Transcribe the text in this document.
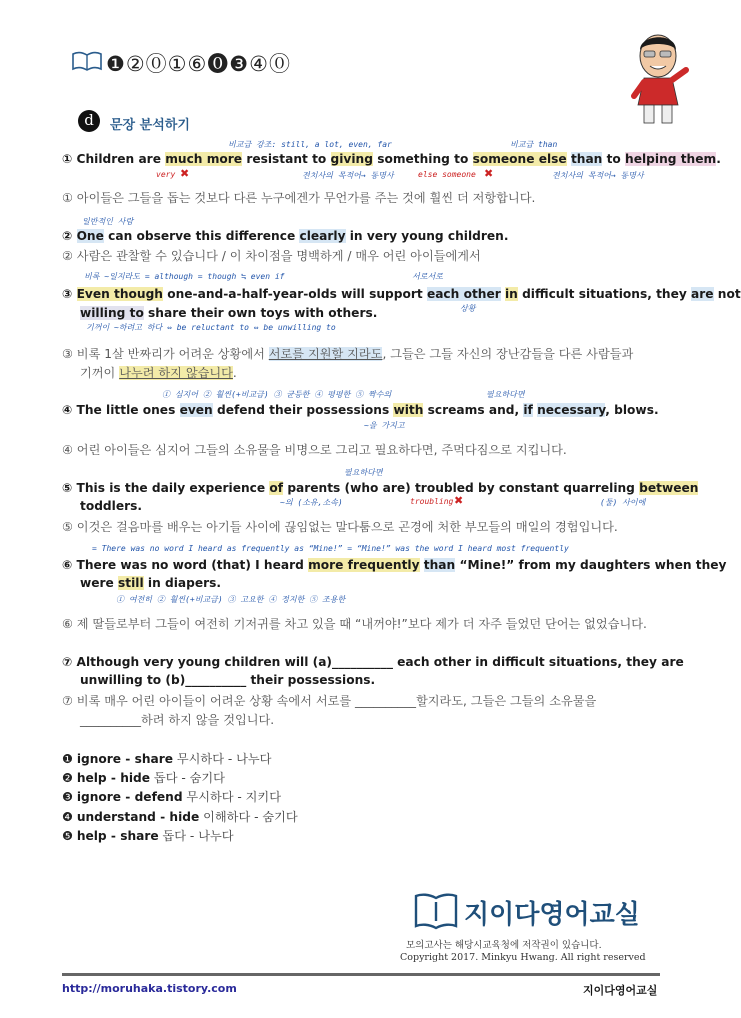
❶②⓪①⑥⓿❸④⓪
d	문장 분석하기
비교급 강조: still, a lot, even, far	비교급 than
① Children are much more resistant to giving something to someone else than to helping them.
very ✖	전치사의 목적어→ 동명사	else someone ✖	전치사의 목적어→ 동명사
① 아이들은 그들을 돕는 것보다 다른 누구에겐가 무언가를 주는 것에 훨씬 더 저항합니다.
일반적인 사람
② One can observe this difference clearly in very young children.
② 사람은 관찰할 수 있습니다 / 이 차이점을 명백하게 / 매우 어린 아이들에게서
비록 ~일지라도 = although = though ≒ even if	서로서로
③ Even though one-and-a-half-year-olds will support each other in difficult situations, they are not
상황
willing to share their own toys with others.
기꺼이 ~하려고 하다 ⇔ be reluctant to ⇔ be unwilling to
③ 비록 1살 반짜리가 어려운 상황에서 서로를 지원할 지라도, 그들은 그들 자신의 장난감들을 다른 사람들과
기꺼이 나누려 하지 않습니다.
① 심지어 ② 훨씬(+비교급) ③ 균등한 ④ 평평한 ⑤ 짝수의	필요하다면
④ The little ones even defend their possessions with screams and, if necessary, blows.
~을 가지고
④ 어린 아이들은 심지어 그들의 소유물을 비명으로 그리고 필요하다면, 주먹다짐으로 지킵니다.
필요하다면
⑤ This is the daily experience of parents (who are) troubled by constant quarreling between
toddlers.	~의 (소유,소속)	troubling ✖	(둘) 사이에
⑤ 이것은 걸음마를 배우는 아기들 사이에 끊임없는 말다툼으로 곤경에 처한 부모들의 매일의 경험입니다.
= There was no word I heard as frequently as “Mine!” = “Mine!” was the word I heard most frequently
⑥ There was no word (that) I heard more frequently than “Mine!” from my daughters when they
were still in diapers.
① 여전히 ② 훨씬(+비교급) ③ 고요한 ④ 정지한 ⑤ 조용한
⑥ 제 딸들로부터 그들이 여전히 기저귀를 차고 있을 때 “내꺼야!”보다 제가 더 자주 들었던 단어는 없었습니다.
⑦ Although very young children will (a)__________ each other in difficult situations, they are
unwilling to (b)__________ their possessions.
⑦ 비록 매우 어린 아이들이 어려운 상황 속에서 서로를 __________할지라도, 그들은 그들의 소유물을
__________하려 하지 않을 것입니다.
❶ ignore - share 무시하다 - 나누다
❷ help - hide 돕다 - 숨기다
❸ ignore - defend 무시하다 - 지키다
❹ understand - hide 이해하다 - 숨기다
❺ help - share 돕다 - 나누다
지이다영어교실
모의고사는 해당시교육청에 저작권이 있습니다.
Copyright 2017. Minkyu Hwang. All right reserved
http://moruhaka.tistory.com	지이다영어교실
